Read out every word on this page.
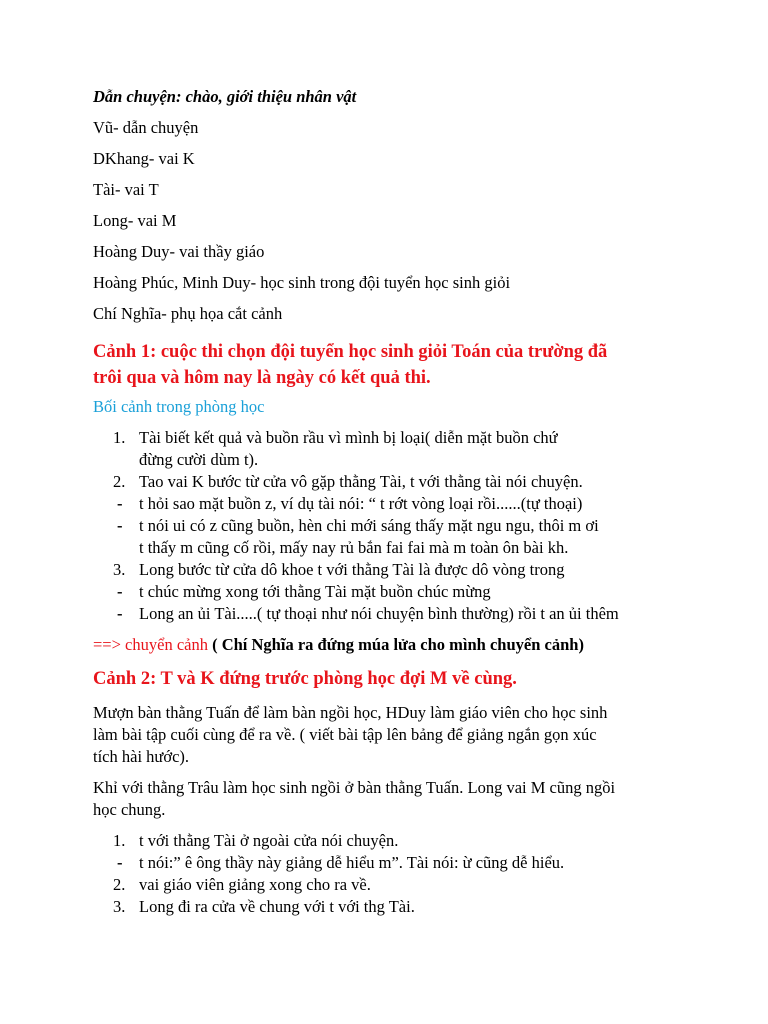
Dẫn chuyện: chào, giới thiệu nhân vật
Vũ- dẫn chuyện
DKhang- vai K
Tài- vai T
Long- vai M
Hoàng Duy- vai thầy giáo
Hoàng Phúc, Minh Duy- học sinh trong đội tuyển học sinh giỏi
Chí Nghĩa- phụ họa cắt cảnh
Cảnh 1: cuộc thi chọn đội tuyển học sinh giỏi Toán của trường đã
trôi qua và hôm nay là ngày có kết quả thi.
Bối cảnh trong phòng học
1. Tài biết kết quả và buồn rầu vì mình bị loại( diễn mặt buồn chứ
đừng cười dùm t).
2. Tao vai K bước từ cửa vô gặp thằng Tài, t với thằng tài nói chuyện.
-	t hỏi sao mặt buồn z, ví dụ tài nói: “ t rớt vòng loại rồi......(tự thoại)
-	t nói ui có z cũng buồn, hèn chi mới sáng thấy mặt ngu ngu, thôi m ơi
t thấy m cũng cố rồi, mấy nay rủ bắn fai fai mà m toàn ôn bài kh.
3. Long bước từ cửa dô khoe t với thằng Tài là được dô vòng trong
-	t chúc mừng xong tới thằng Tài mặt buồn chúc mừng
-	Long an ủi Tài.....( tự thoại như nói chuyện bình thường) rồi t an ủi thêm
==> chuyển cảnh ( Chí Nghĩa ra đứng múa lửa cho mình chuyển cảnh)
Cảnh 2: T và K đứng trước phòng học đợi M về cùng.
Mượn bàn thằng Tuấn để làm bàn ngồi học, HDuy làm giáo viên cho học sinh
làm bài tập cuối cùng để ra về. ( viết bài tập lên bảng để giảng ngắn gọn xúc
tích hài hước).
Khỉ với thằng Trâu làm học sinh ngồi ở bàn thằng Tuấn. Long vai M cũng ngồi
học chung.
1. t với thằng Tài ở ngoài cửa nói chuyện.
-	t nói:” ê ông thầy này giảng dễ hiểu m”. Tài nói: ừ cũng dễ hiểu.
2. vai giáo viên giảng xong cho ra về.
3. Long đi ra cửa về chung với t với thg Tài.
